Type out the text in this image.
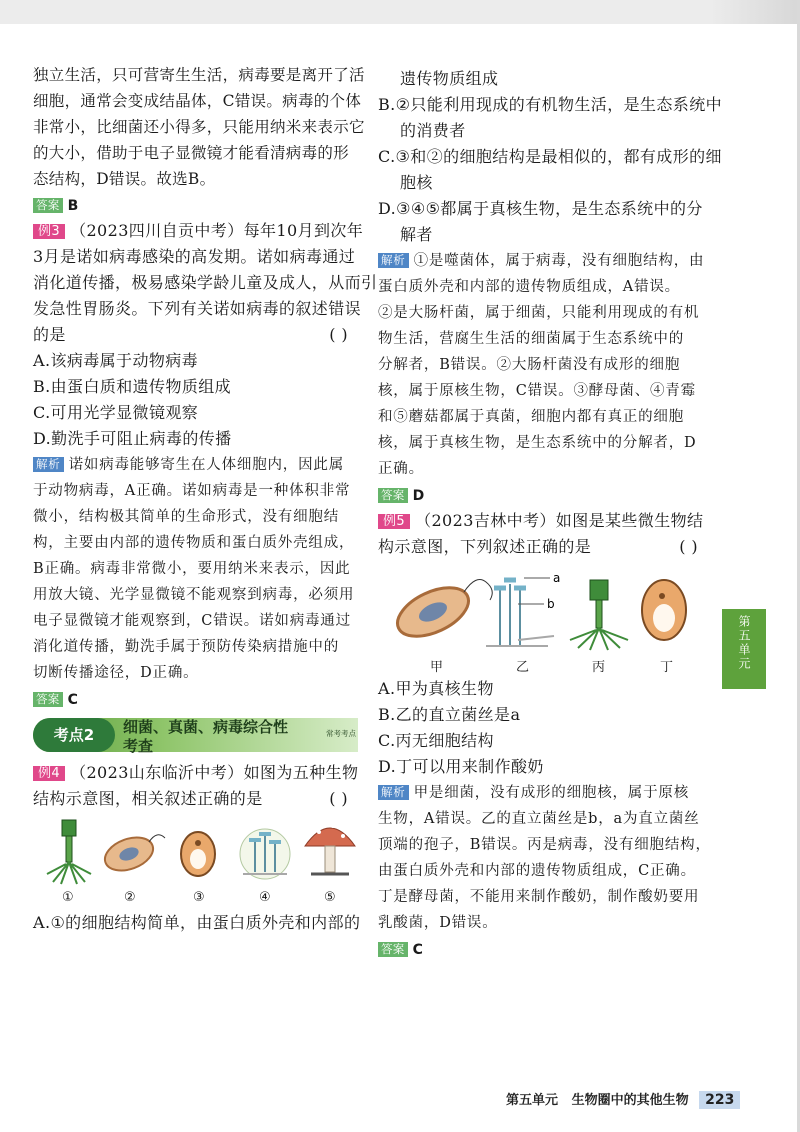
独立生活，只可营寄生生活，病毒要是离开了活
细胞，通常会变成结晶体，C错误。病毒的个体
非常小，比细菌还小得多，只能用纳米来表示它
的大小，借助于电子显微镜才能看清病毒的形
态结构，D错误。故选B。
答案 B
例3 （2023四川自贡中考）每年10月到次年
3月是诺如病毒感染的高发期。诺如病毒通过
消化道传播，极易感染学龄儿童及成人，从而引
发急性胃肠炎。下列有关诺如病毒的叙述错误
的是	( )
A.该病毒属于动物病毒
B.由蛋白质和遗传物质组成
C.可用光学显微镜观察
D.勤洗手可阻止病毒的传播
解析 诺如病毒能够寄生在人体细胞内，因此属
于动物病毒，A正确。诺如病毒是一种体积非常
微小，结构极其简单的生命形式，没有细胞结
构，主要由内部的遗传物质和蛋白质外壳组成，
B正确。病毒非常微小，要用纳米来表示，因此
用放大镜、光学显微镜不能观察到病毒，必须用
电子显微镜才能观察到，C错误。诺如病毒通过
消化道传播，勤洗手属于预防传染病措施中的
切断传播途径，D正确。
答案 C
考点2	细菌、真菌、病毒综合性
考查
常考考点
例4 （2023山东临沂中考）如图为五种生物
结构示意图，相关叙述正确的是	( )
①	②	③	④	⑤
A.①的细胞结构简单，由蛋白质外壳和内部的
遗传物质组成
B.②只能利用现成的有机物生活，是生态系统中
的消费者
C.③和②的细胞结构是最相似的，都有成形的细
胞核
D.③④⑤都属于真核生物，是生态系统中的分
解者
解析 ①是噬菌体，属于病毒，没有细胞结构，由
蛋白质外壳和内部的遗传物质组成，A错误。
②是大肠杆菌，属于细菌，只能利用现成的有机
物生活，营腐生生活的细菌属于生态系统中的
分解者，B错误。②大肠杆菌没有成形的细胞
核，属于原核生物，C错误。③酵母菌、④青霉
和⑤蘑菇都属于真菌，细胞内都有真正的细胞
核，属于真核生物，是生态系统中的分解者，D
正确。
答案 D
例5 （2023吉林中考）如图是某些微生物结
构示意图，下列叙述正确的是	( )
a
b
甲	乙	丙	丁
A.甲为真核生物
B.乙的直立菌丝是a
C.丙无细胞结构
D.丁可以用来制作酸奶
解析 甲是细菌，没有成形的细胞核，属于原核
生物，A错误。乙的直立菌丝是b，a为直立菌丝
顶端的孢子，B错误。丙是病毒，没有细胞结构，
由蛋白质外壳和内部的遗传物质组成，C正确。
丁是酵母菌，不能用来制作酸奶，制作酸奶要用
乳酸菌，D错误。
答案 C
第五单元
第五单元 生物圈中的其他生物 223
